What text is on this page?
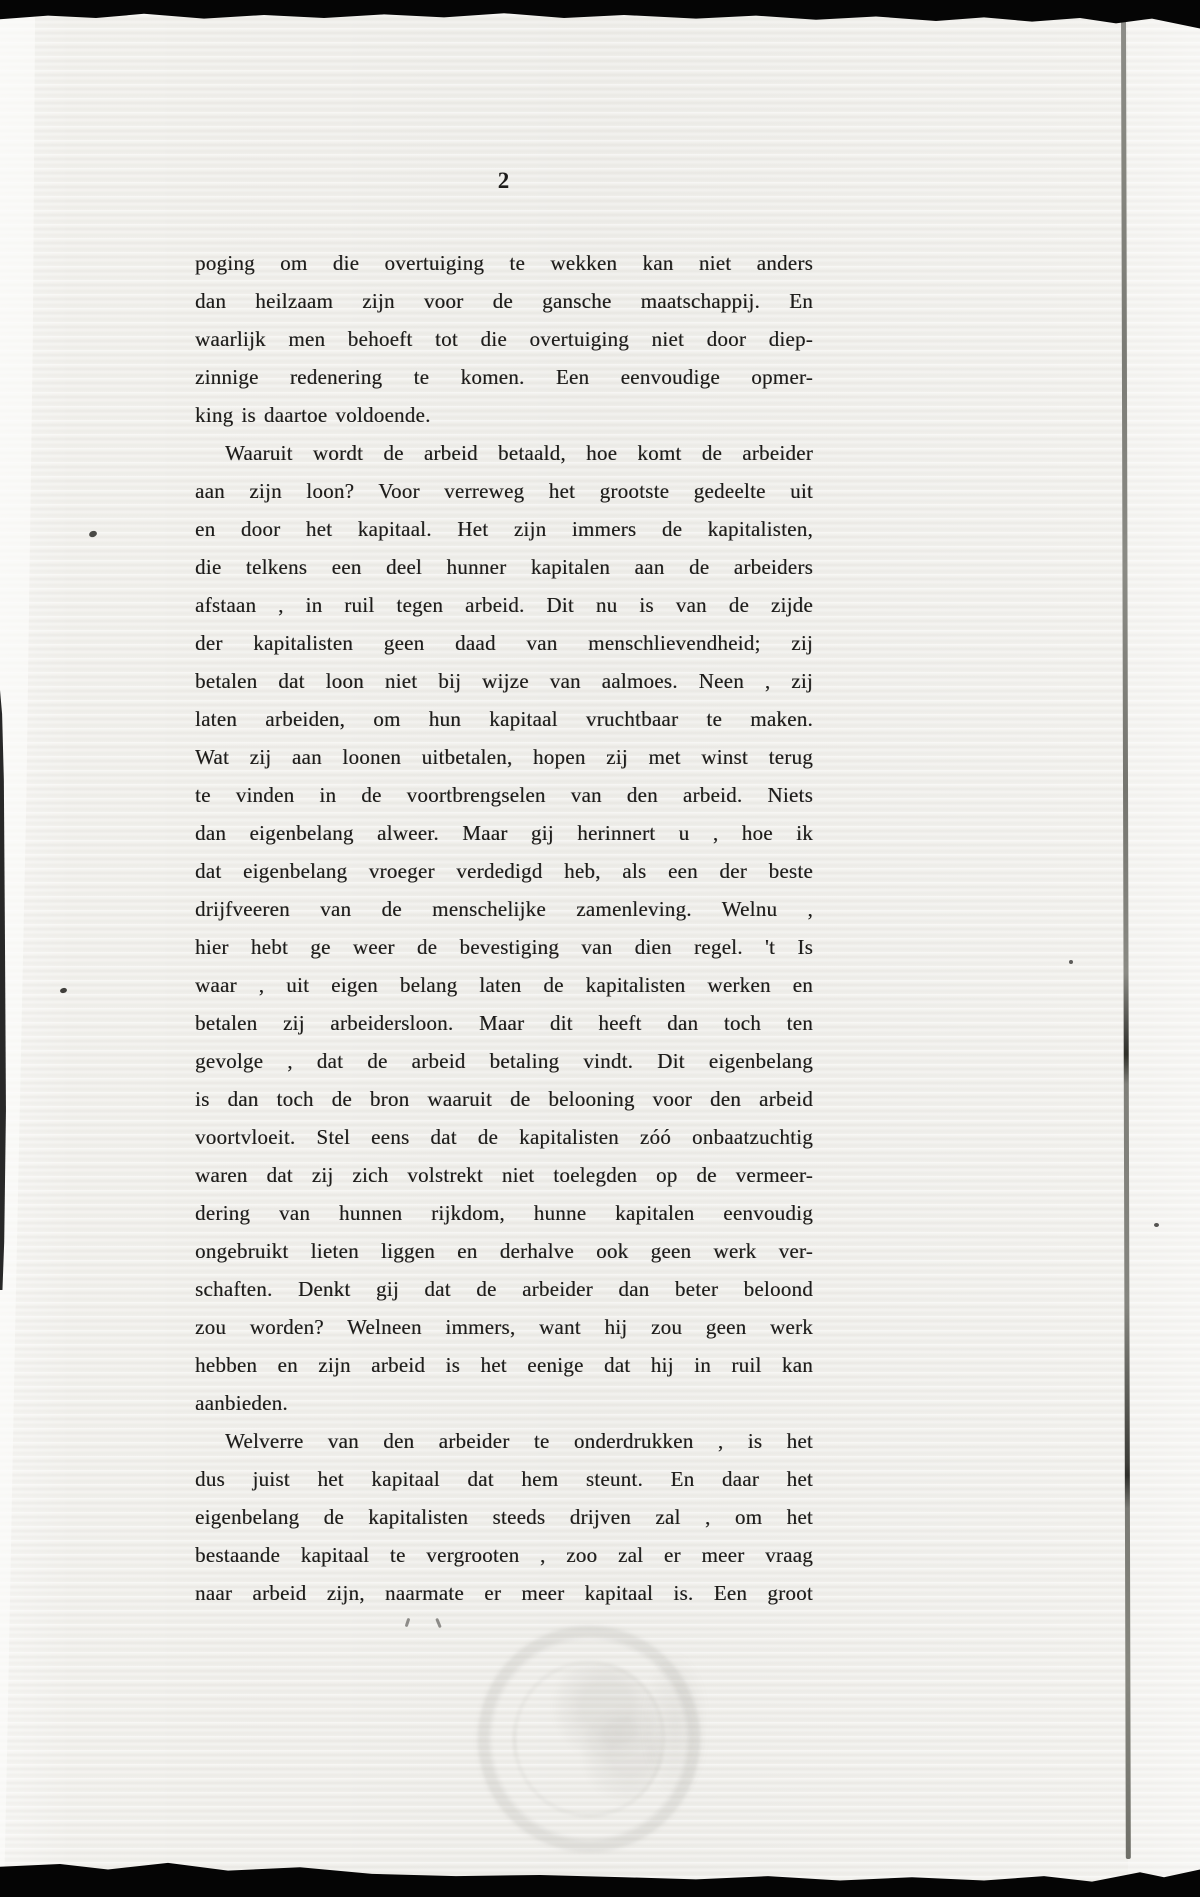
2
poging om die overtuiging te wekken kan niet anders
dan heilzaam zijn voor de gansche maatschappij. En
waarlijk men behoeft tot die overtuiging niet door diep-
zinnige redenering te komen. Een eenvoudige opmer-
king is daartoe voldoende.
Waaruit wordt de arbeid betaald, hoe komt de arbeider
aan zijn loon? Voor verreweg het grootste gedeelte uit
en door het kapitaal. Het zijn immers de kapitalisten,
die telkens een deel hunner kapitalen aan de arbeiders
afstaan , in ruil tegen arbeid. Dit nu is van de zijde
der kapitalisten geen daad van menschlievendheid; zij
betalen dat loon niet bij wijze van aalmoes. Neen , zij
laten arbeiden, om hun kapitaal vruchtbaar te maken.
Wat zij aan loonen uitbetalen, hopen zij met winst terug
te vinden in de voortbrengselen van den arbeid. Niets
dan eigenbelang alweer. Maar gij herinnert u , hoe ik
dat eigenbelang vroeger verdedigd heb, als een der beste
drijfveeren van de menschelijke zamenleving. Welnu ,
hier hebt ge weer de bevestiging van dien regel. 't Is
waar , uit eigen belang laten de kapitalisten werken en
betalen zij arbeidersloon. Maar dit heeft dan toch ten
gevolge , dat de arbeid betaling vindt. Dit eigenbelang
is dan toch de bron waaruit de belooning voor den arbeid
voortvloeit. Stel eens dat de kapitalisten zóó onbaatzuchtig
waren dat zij zich volstrekt niet toelegden op de vermeer-
dering van hunnen rijkdom, hunne kapitalen eenvoudig
ongebruikt lieten liggen en derhalve ook geen werk ver-
schaften. Denkt gij dat de arbeider dan beter beloond
zou worden? Welneen immers, want hij zou geen werk
hebben en zijn arbeid is het eenige dat hij in ruil kan
aanbieden.
Welverre van den arbeider te onderdrukken , is het
dus juist het kapitaal dat hem steunt. En daar het
eigenbelang de kapitalisten steeds drijven zal , om het
bestaande kapitaal te vergrooten , zoo zal er meer vraag
naar arbeid zijn, naarmate er meer kapitaal is. Een groot
